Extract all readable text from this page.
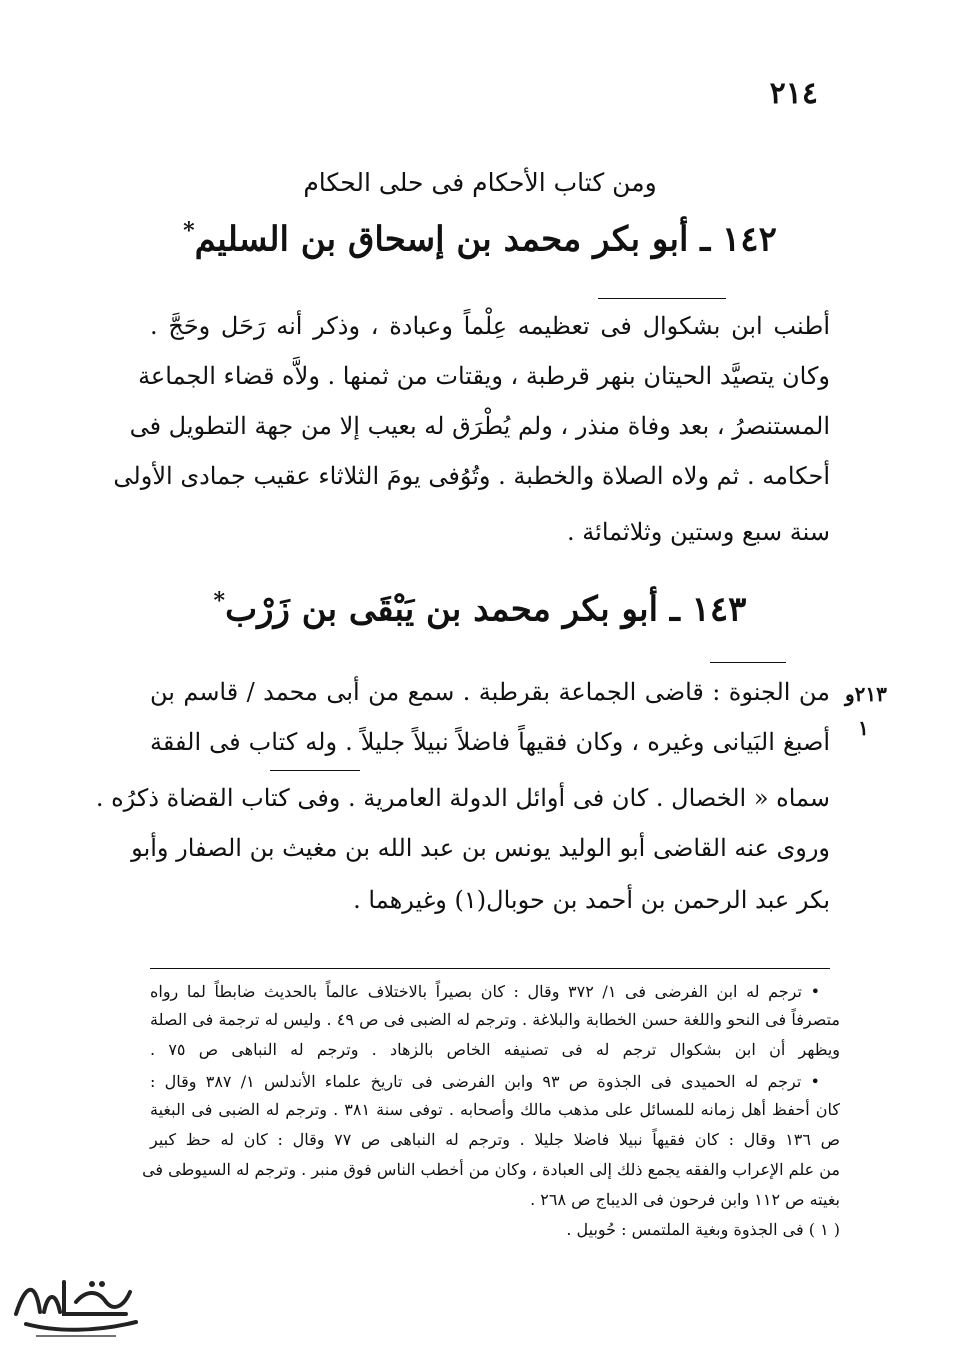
٢١٤
ومن كتاب الأحكام فى حلى الحكام
١٤٢ ـ أبو بكر محمد بن إسحاق بن السليم*
أطنب ابن بشكوال فى تعظيمه عِلْماً وعبادة ، وذكر أنه رَحَل وحَجَّ .
وكان يتصيَّد الحيتان بنهر قرطبة ، ويقتات من ثمنها . ولاَّه قضاء الجماعة
المستنصرُ ، بعد وفاة منذر ، ولم يُطْرَق له بعيب إلا من جهة التطويل فى
أحكامه . ثم ولاه الصلاة والخطبة . وتُوُفى يومَ الثلاثاء عقيب جمادى الأولى
سنة سبع وستين وثلاثمائة .
١٤٣ ـ أبو بكر محمد بن يَبْقَى بن زَرْب*
من الجنوة : قاضى الجماعة بقرطبة . سمع من أبى محمد / قاسم بن
أصبغ البَيانى وغيره ، وكان فقيهاً فاضلاً نبيلاً جليلاً . وله كتاب فى الفقة
سماه « الخصال . كان فى أوائل الدولة العامرية . وفى كتاب القضاة ذكرُه .
وروى عنه القاضى أبو الوليد يونس بن عبد الله بن مغيث بن الصفار وأبو
بكر عبد الرحمن بن أحمد بن حوبال(١) وغيرهما .
٢١٣و
١
• ترجم له ابن الفرضى فى ١/ ٣٧٢ وقال : كان بصيراً بالاختلاف عالماً بالحديث ضابطاً لما رواه
متصرفاً فى النحو واللغة حسن الخطابة والبلاغة . وترجم له الضبى فى ص ٤٩ . وليس له ترجمة فى الصلة
ويظهر أن ابن بشكوال ترجم له فى تصنيفه الخاص بالزهاد . وترجم له النباهى ص ٧٥ .
• ترجم له الحميدى فى الجذوة ص ٩٣ وابن الفرضى فى تاريخ علماء الأندلس ١/ ٣٨٧ وقال :
كان أحفظ أهل زمانه للمسائل على مذهب مالك وأصحابه . توفى سنة ٣٨١ . وترجم له الضبى فى البغية
ص ١٣٦ وقال : كان فقيهاً نبيلا فاضلا جليلا . وترجم له النباهى ص ٧٧ وقال : كان له حظ كبير
من علم الإعراب والفقه يجمع ذلك إلى العبادة ، وكان من أخطب الناس فوق منبر . وترجم له السيوطى فى
بغيته ص ١١٢ وابن فرحون فى الديباج ص ٢٦٨ .
( ١ ) فى الجذوة وبغية الملتمس : حُوبيل .
